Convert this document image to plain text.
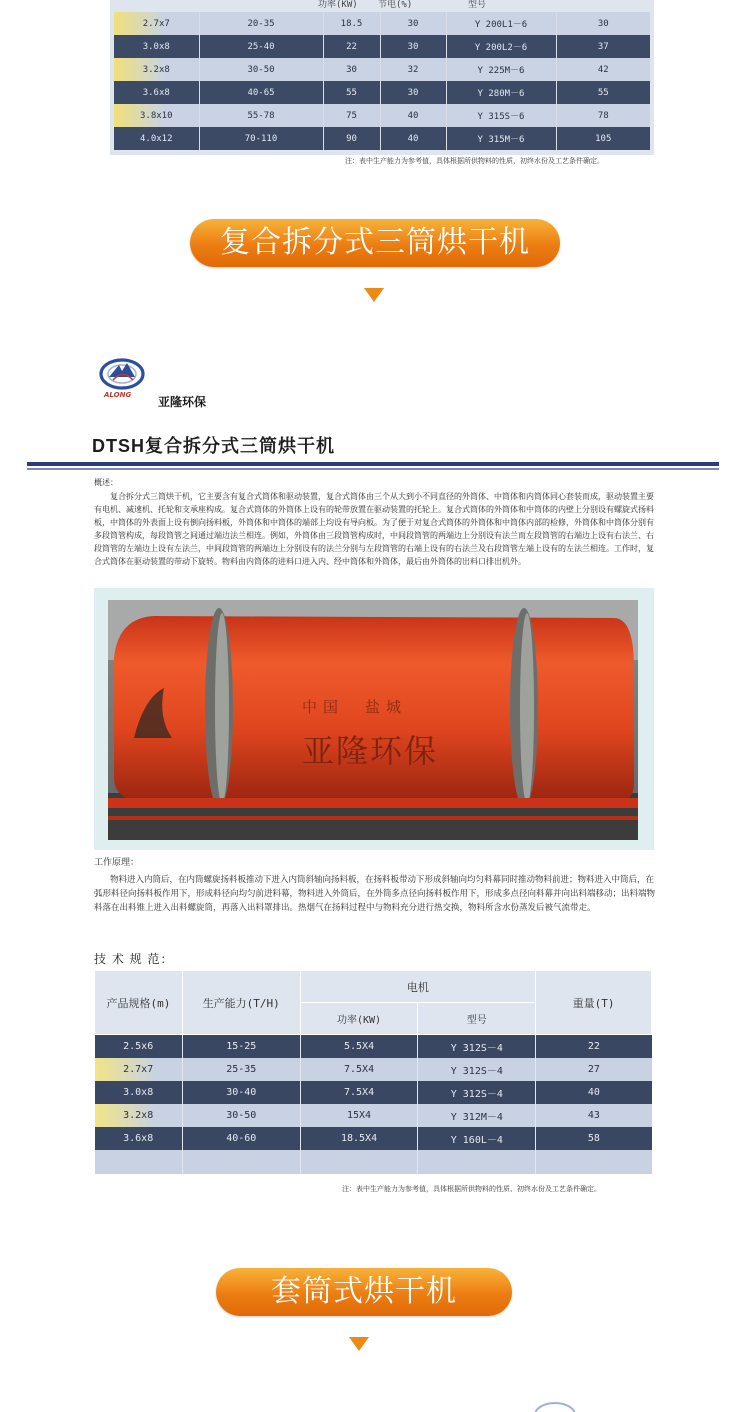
功率(KW) 节电(%)	型号
2.7x7	20-35	18.5	30	Y 200L1－6	30
3.0x8	25-40	22	30	Y 200L2－6	37
3.2x8	30-50	30	32	Y 225M－6	42
3.6x8	40-65	55	30	Y 280M－6	55
3.8x10	55-78	75	40	Y 315S－6	78
4.0x12	70-110	90	40	Y 315M－6	105
注：表中生产能力为参考值，具体根据所供物料的性质、初终水份及工艺条件确定。
复合拆分式三筒烘干机
ALONG 亚隆环保
DTSH复合拆分式三筒烘干机
概述：
复合拆分式三筒烘干机，它主要含有复合式筒体和驱动装置，复合式筒体由三个从大到小不同直径的外筒体、中筒体和内筒体同心套装而成，驱动装置主要有电机、减速机、托轮和支承座构成。复合式筒体的外筒体上设有的轮带放置在驱动装置的托轮上。复合式筒体的外筒体和中筒体的内壁上分别设有螺旋式扬料板，中筒体的外表面上设有倒向扬料板，外筒体和中筒体的端部上均设有导向板。为了便于对复合式筒体的外筒体和中筒体内部的检修，外筒体和中筒体分别有多段筒管构成，每段筒管之间通过端边法兰相连。例如，外筒体由三段筒管构成时，中间段筒管的两端边上分别设有法兰而左段筒管的右端边上设有右法兰、右段筒管的左端边上设有左法兰，中间段筒管的两端边上分别设有的法兰分别与左段筒管的右端上设有的右法兰及右段筒管左端上设有的左法兰相连。工作时，复合式筒体在驱动装置的带动下旋转。物料由内筒体的进料口进入内、经中筒体和外筒体，最后由外筒体的出料口排出机外。
中国　盐城
亚隆环保
工作原理：
物料进入内筒后，在内筒螺旋扬料板推动下进入内筒斜轴向扬料板，在扬料板带动下形成斜轴向均匀料幕同时推动物料前进；物料进入中筒后，在弧形料径向扬料板作用下，形成料径向均匀前进料幕，物料进入外筒后，在外筒多点径向扬料板作用下，形成多点径向料幕并向出料端移动；出料端物料落在出料锥上进入出料螺旋筒，再落入出料罩排出。热烟气在扬料过程中与物料充分进行热交换，物料所含水份蒸发后被气流带走。
技 术 规 范：
产品规格(m)	生产能力(T/H)	电机		重量(T)
		功率(KW)	型号	
2.5x6	15-25	5.5X4	Y 312S－4	22
2.7x7	25-35	7.5X4	Y 312S－4	27
3.0x8	30-40	7.5X4	Y 312S－4	40
3.2x8	30-50	15X4	Y 312M－4	43
3.6x8	40-60	18.5X4	Y 160L－4	58

注：表中生产能力为参考值，具体根据所供物料的性质、初终水份及工艺条件确定。
套筒式烘干机
